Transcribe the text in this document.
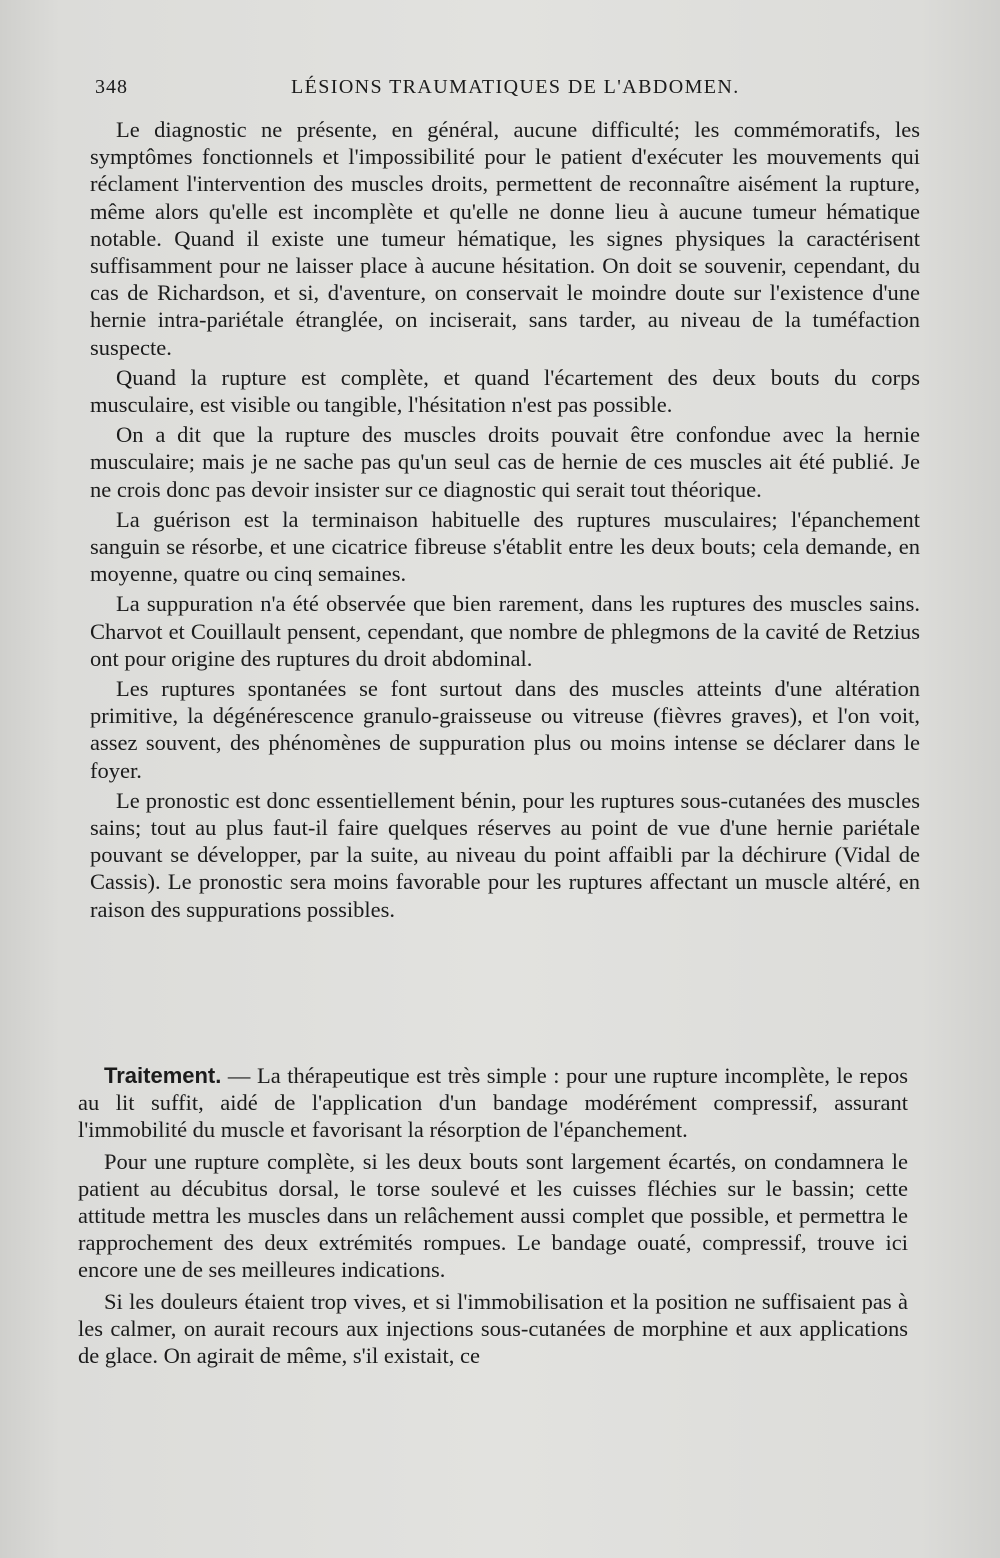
348	LÉSIONS TRAUMATIQUES DE L'ABDOMEN.

Le diagnostic ne présente, en général, aucune difficulté; les commémoratifs, les symptômes fonctionnels et l'impossibilité pour le patient d'exécuter les mouvements qui réclament l'intervention des muscles droits, permettent de reconnaître aisément la rupture, même alors qu'elle est incomplète et qu'elle ne donne lieu à aucune tumeur hématique notable. Quand il existe une tumeur hématique, les signes physiques la caractérisent suffisamment pour ne laisser place à aucune hésitation. On doit se souvenir, cependant, du cas de Richardson, et si, d'aventure, on conservait le moindre doute sur l'existence d'une hernie intra-pariétale étranglée, on inciserait, sans tarder, au niveau de la tuméfaction suspecte.

Quand la rupture est complète, et quand l'écartement des deux bouts du corps musculaire, est visible ou tangible, l'hésitation n'est pas possible.

On a dit que la rupture des muscles droits pouvait être confondue avec la hernie musculaire; mais je ne sache pas qu'un seul cas de hernie de ces muscles ait été publié. Je ne crois donc pas devoir insister sur ce diagnostic qui serait tout théorique.

La guérison est la terminaison habituelle des ruptures musculaires; l'épanchement sanguin se résorbe, et une cicatrice fibreuse s'établit entre les deux bouts; cela demande, en moyenne, quatre ou cinq semaines.

La suppuration n'a été observée que bien rarement, dans les ruptures des muscles sains. Charvot et Couillault pensent, cependant, que nombre de phlegmons de la cavité de Retzius ont pour origine des ruptures du droit abdominal.

Les ruptures spontanées se font surtout dans des muscles atteints d'une altération primitive, la dégénérescence granulo-graisseuse ou vitreuse (fièvres graves), et l'on voit, assez souvent, des phénomènes de suppuration plus ou moins intense se déclarer dans le foyer.

Le pronostic est donc essentiellement bénin, pour les ruptures sous-cutanées des muscles sains; tout au plus faut-il faire quelques réserves au point de vue d'une hernie pariétale pouvant se développer, par la suite, au niveau du point affaibli par la déchirure (Vidal de Cassis). Le pronostic sera moins favorable pour les ruptures affectant un muscle altéré, en raison des suppurations possibles.

Traitement. — La thérapeutique est très simple : pour une rupture incomplète, le repos au lit suffit, aidé de l'application d'un bandage modérément compressif, assurant l'immobilité du muscle et favorisant la résorption de l'épanchement.

Pour une rupture complète, si les deux bouts sont largement écartés, on condamnera le patient au décubitus dorsal, le torse soulevé et les cuisses fléchies sur le bassin; cette attitude mettra les muscles dans un relâchement aussi complet que possible, et permettra le rapprochement des deux extrémités rompues. Le bandage ouaté, compressif, trouve ici encore une de ses meilleures indications.

Si les douleurs étaient trop vives, et si l'immobilisation et la position ne suffisaient pas à les calmer, on aurait recours aux injections sous-cutanées de morphine et aux applications de glace. On agirait de même, s'il existait, ce
